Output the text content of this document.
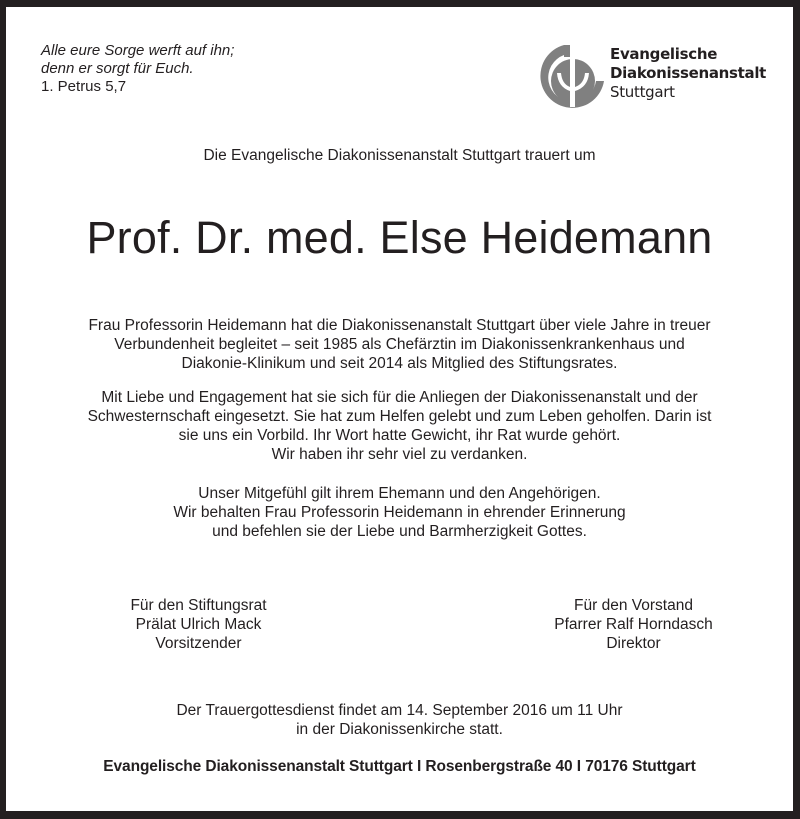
Alle eure Sorge werft auf ihn;
denn er sorgt für Euch.
1. Petrus 5,7
Evangelische
Diakonissenanstalt
Stuttgart
Die Evangelische Diakonissenanstalt Stuttgart trauert um
Prof. Dr. med. Else Heidemann
Frau Professorin Heidemann hat die Diakonissenanstalt Stuttgart über viele Jahre in treuer
Verbundenheit begleitet – seit 1985 als Chefärztin im Diakonissenkrankenhaus und
Diakonie-Klinikum und seit 2014 als Mitglied des Stiftungsrates.
Mit Liebe und Engagement hat sie sich für die Anliegen der Diakonissenanstalt und der
Schwesternschaft eingesetzt. Sie hat zum Helfen gelebt und zum Leben geholfen. Darin ist
sie uns ein Vorbild. Ihr Wort hatte Gewicht, ihr Rat wurde gehört.
Wir haben ihr sehr viel zu verdanken.
Unser Mitgefühl gilt ihrem Ehemann und den Angehörigen.
Wir behalten Frau Professorin Heidemann in ehrender Erinnerung
und befehlen sie der Liebe und Barmherzigkeit Gottes.
Für den Stiftungsrat
Prälat Ulrich Mack
Vorsitzender
Für den Vorstand
Pfarrer Ralf Horndasch
Direktor
Der Trauergottesdienst findet am 14. September 2016 um 11 Uhr
in der Diakonissenkirche statt.
Evangelische Diakonissenanstalt Stuttgart I Rosenbergstraße 40 I 70176 Stuttgart
